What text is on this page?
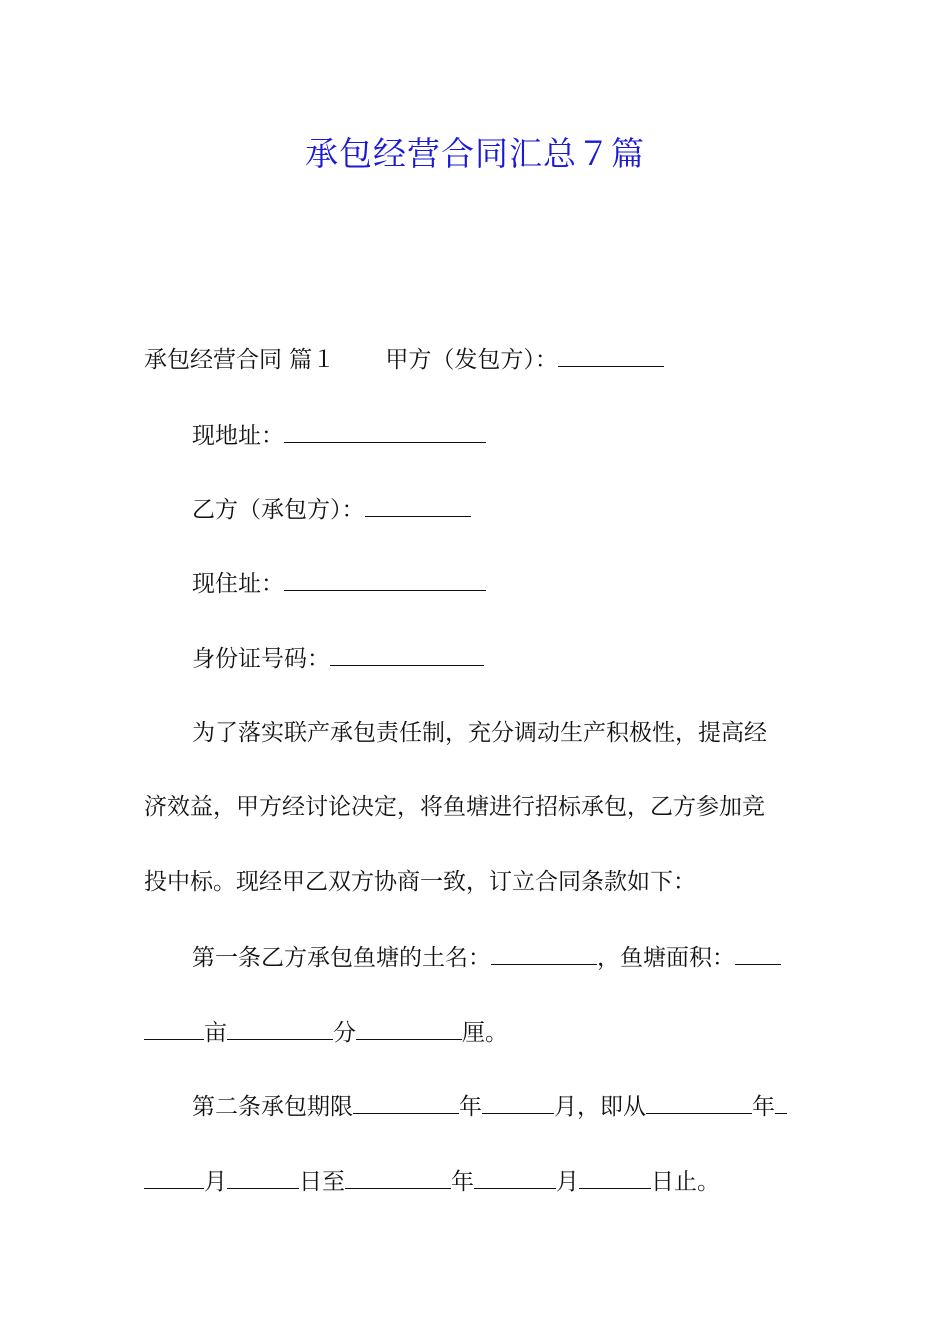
承包经营合同汇总７篇
承包经营合同 篇１ 甲方（发包方）：
现地址：
乙方（承包方）：
现住址：
身份证号码：
为了落实联产承包责任制，充分调动生产积极性，提高经
济效益，甲方经讨论决定，将鱼塘进行招标承包，乙方参加竞
投中标。现经甲乙双方协商一致，订立合同条款如下：
第一条乙方承包鱼塘的土名：	，鱼塘面积：
亩	分	厘。
第二条承包期限	年	月，即从	年
月	日至	年	月	日止。
